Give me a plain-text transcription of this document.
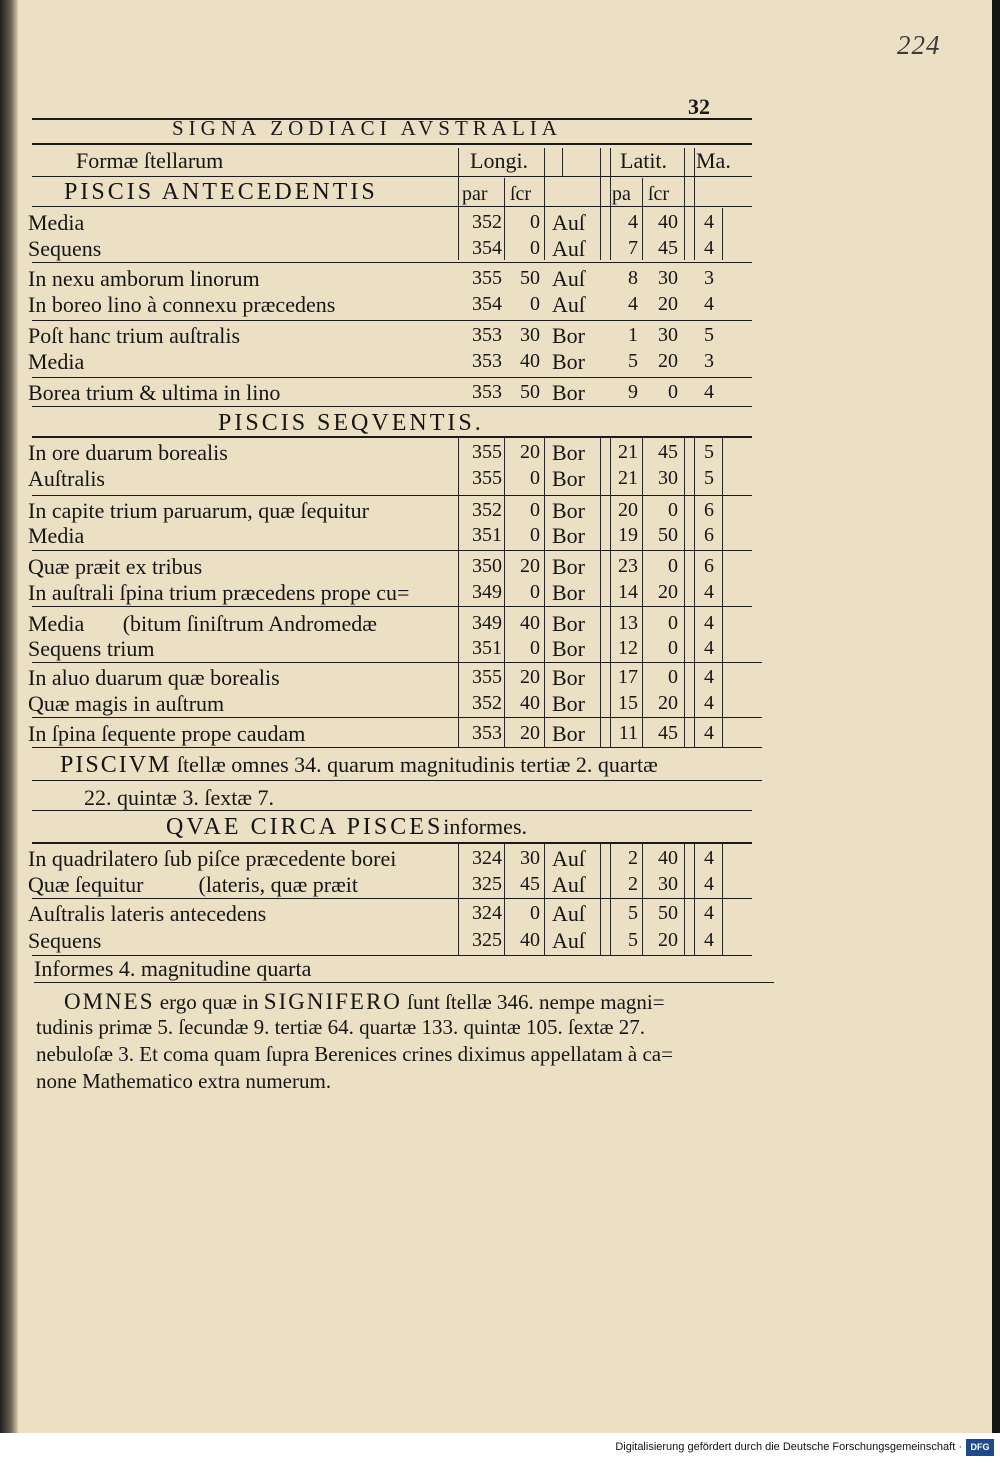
224
32
SIGNA ZODIACI AVSTRALIA
Formæ ſtellarum	Longi.	Latit. Ma.
PISCIS ANTECEDENTIS	par ſcr	pa ſcr
PISCIS SEQVENTIS.
PISCIVM ſtellæ omnes 34. quarum magnitudinis tertiæ 2. quartæ
22. quintæ 3. ſextæ 7.
QVAE CIRCA PISCESinformes.
Informes 4. magnitudine quarta
OMNES ergo quæ in SIGNIFERO ſunt ſtellæ 346. nempe magni=
tudinis primæ 5. ſecundæ 9. tertiæ 64. quartæ 133. quintæ 105. ſextæ 27.
nebuloſæ 3. Et coma quam ſupra Berenices crines diximus appellatam à ca=
none Mathematico extra numerum.
Media	352	0 Auſ	4	40	4
Sequens	354	0 Auſ	7	45	4
In nexu amborum linorum	355 50 Auſ	8	30	3
In boreo lino à connexu præcedens	354	0 Auſ	4	20	4
Poſt hanc trium auſtralis	353 30 Bor	1	30	5
Media	353 40 Bor	5	20	3
Borea trium & ultima in lino	353 50 Bor	9	0	4
In ore duarum borealis	355 20 Bor	21	45	5
Auſtralis	355	0 Bor	21	30	5
In capite trium paruarum, quæ ſequitur	352	0 Bor	20	0	6
Media	351	0 Bor	19	50	6
Quæ præit ex tribus	350 20 Bor	23	0	6
In auſtrali ſpina trium præcedens prope cu=	349	0 Bor	14	20	4
Media       (bitum ſiniſtrum Andromedæ	349 40 Bor	13	0	4
Sequens trium	351	0 Bor	12	0	4
In aluo duarum quæ borealis	355 20 Bor	17	0	4
Quæ magis in auſtrum	352 40 Bor	15	20	4
In ſpina ſequente prope caudam	353 20 Bor	11	45	4
In quadrilatero ſub piſce præcedente borei	324 30 Auſ	2	40	4
Quæ ſequitur          (lateris, quæ præit	325 45 Auſ	2	30	4
Auſtralis lateris antecedens	324	0 Auſ	5	50	4
Sequens	325 40 Auſ	5	20	4
Digitalisierung gefördert durch die Deutsche Forschungsgemeinschaft · DFG
